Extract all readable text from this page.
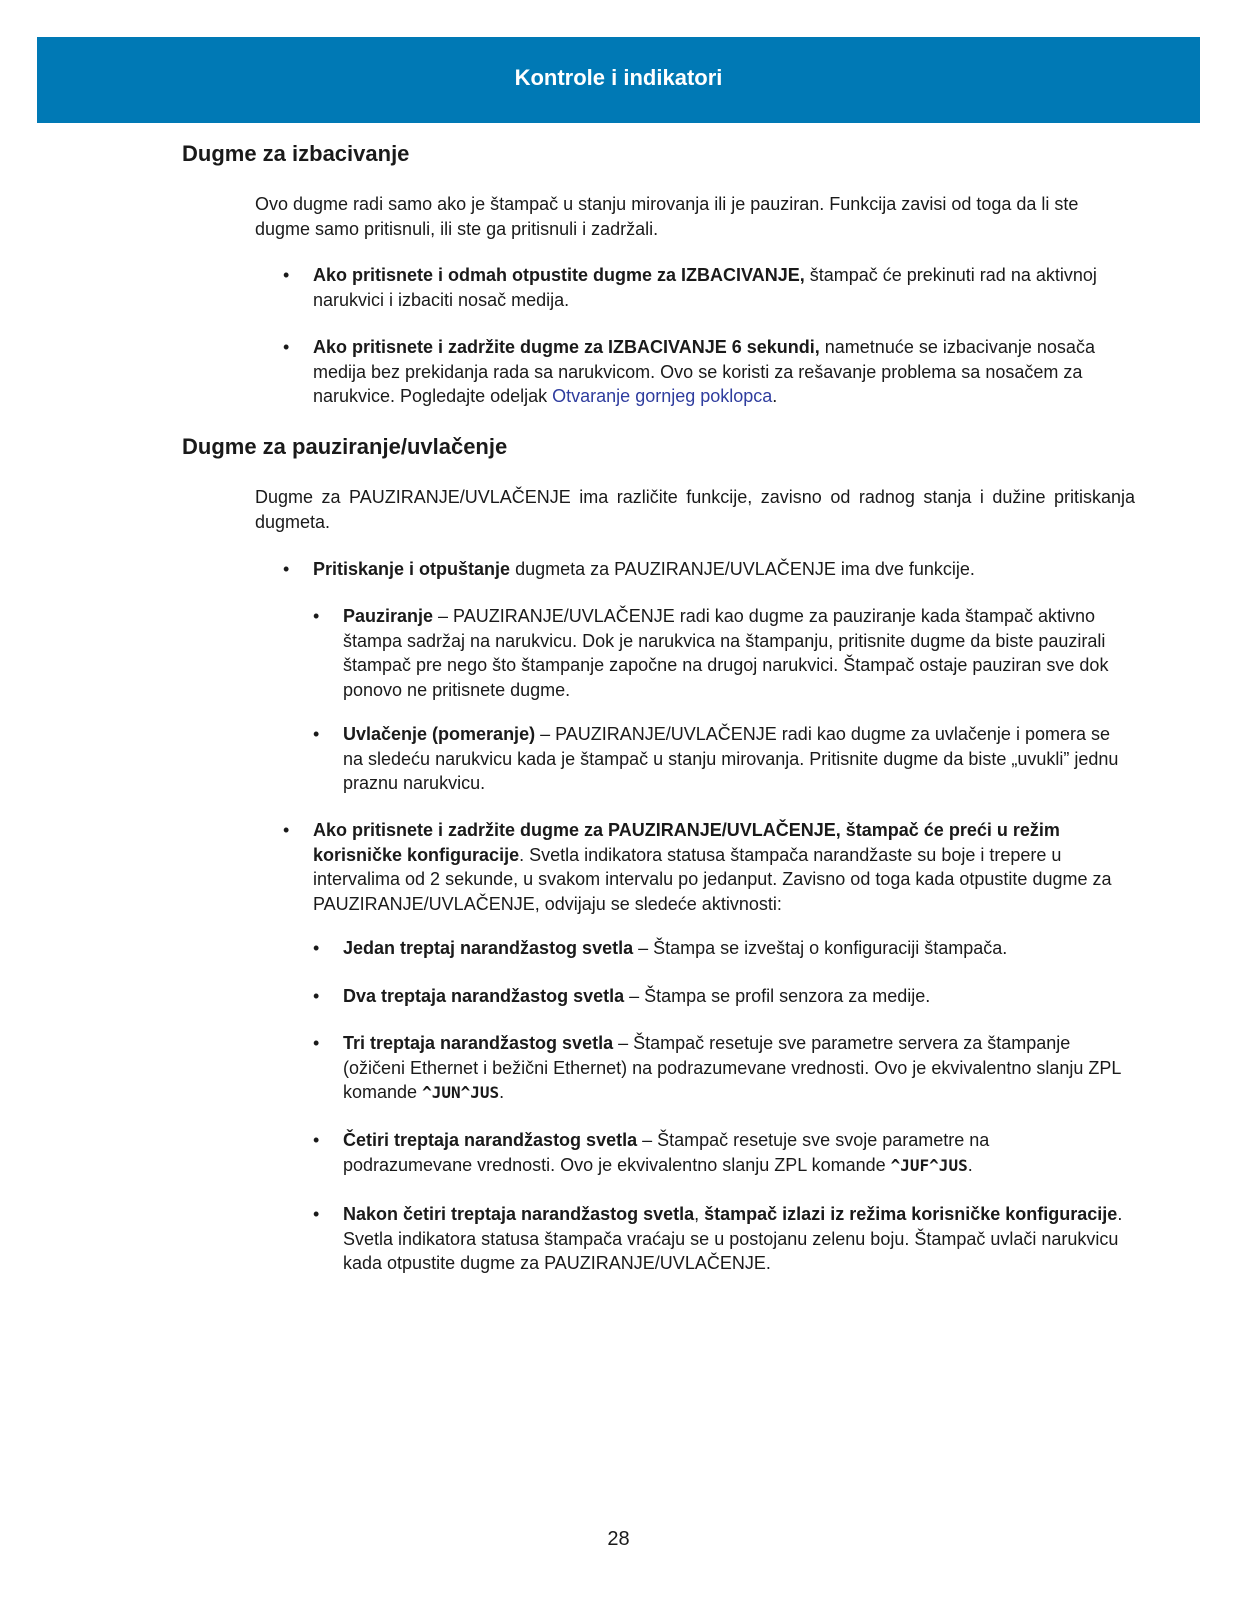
Kontrole i indikatori
Dugme za izbacivanje

Ovo dugme radi samo ako je štampač u stanju mirovanja ili je pauziran. Funkcija zavisi od toga da li ste dugme samo pritisnuli, ili ste ga pritisnuli i zadržali.

•	Ako pritisnete i odmah otpustite dugme za IZBACIVANJE, štampač će prekinuti rad na aktivnoj narukvici i izbaciti nosač medija.
•	Ako pritisnete i zadržite dugme za IZBACIVANJE 6 sekundi, nametnuće se izbacivanje nosača medija bez prekidanja rada sa narukvicom. Ovo se koristi za rešavanje problema sa nosačem za narukvice. Pogledajte odeljak Otvaranje gornjeg poklopca.
Dugme za pauziranje/uvlačenje

Dugme za PAUZIRANJE/UVLAČENJE ima različite funkcije, zavisno od radnog stanja i dužine pritiskanja dugmeta.

•	Pritiskanje i otpuštanje dugmeta za PAUZIRANJE/UVLAČENJE ima dve funkcije.
•	Pauziranje – PAUZIRANJE/UVLAČENJE radi kao dugme za pauziranje kada štampač aktivno štampa sadržaj na narukvicu. Dok je narukvica na štampanju, pritisnite dugme da biste pauzirali štampač pre nego što štampanje započne na drugoj narukvici. Štampač ostaje pauziran sve dok ponovo ne pritisnete dugme.
•	Uvlačenje (pomeranje) – PAUZIRANJE/UVLAČENJE radi kao dugme za uvlačenje i pomera se na sledeću narukvicu kada je štampač u stanju mirovanja. Pritisnite dugme da biste „uvukli” jednu praznu narukvicu.
•	Ako pritisnete i zadržite dugme za PAUZIRANJE/UVLAČENJE, štampač će preći u režim korisničke konfiguracije. Svetla indikatora statusa štampača narandžaste su boje i trepere u intervalima od 2 sekunde, u svakom intervalu po jedanput. Zavisno od toga kada otpustite dugme za PAUZIRANJE/UVLAČENJE, odvijaju se sledeće aktivnosti:
•	Jedan treptaj narandžastog svetla – Štampa se izveštaj o konfiguraciji štampača.
•	Dva treptaja narandžastog svetla – Štampa se profil senzora za medije.
•	Tri treptaja narandžastog svetla – Štampač resetuje sve parametre servera za štampanje (ožičeni Ethernet i bežični Ethernet) na podrazumevane vrednosti. Ovo je ekvivalentno slanju ZPL komande ^JUN^JUS.
•	Četiri treptaja narandžastog svetla – Štampač resetuje sve svoje parametre na podrazumevane vrednosti. Ovo je ekvivalentno slanju ZPL komande ^JUF^JUS.
•	Nakon četiri treptaja narandžastog svetla, štampač izlazi iz režima korisničke konfiguracije. Svetla indikatora statusa štampača vraćaju se u postojanu zelenu boju. Štampač uvlači narukvicu kada otpustite dugme za PAUZIRANJE/UVLAČENJE.
28
